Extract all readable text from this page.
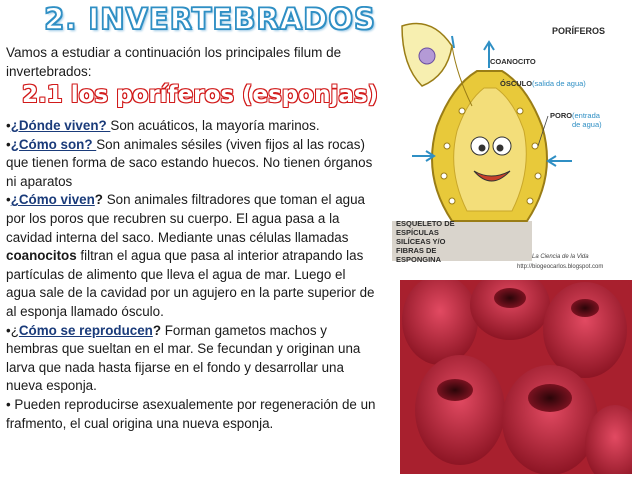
2. INVERTEBRADOS
Vamos a estudiar a continuación los principales filum de invertebrados:
2.1 los poríferos (esponjas)

•¿Dónde viven? Son acuáticos, la mayoría marinos.

•¿Cómo son? Son animales sésiles (viven fijos al las rocas) que tienen forma de saco estando huecos. No tienen órganos ni aparatos

•¿Cómo viven? Son animales filtradores que toman el agua por los poros que recubren su cuerpo. El agua pasa a la cavidad interna del saco. Mediante unas células llamadas coanocitos filtran el agua que pasa al interior atrapando las partículas de alimento que lleva el agua de mar. Luego el agua sale de la cavidad por un agujero en la parte superior de al esponja llamado ósculo.

•¿Cómo se reproducen? Forman gametos machos y hembras que sueltan en el mar. Se fecundan y originan una larva que nada hasta fijarse en el fondo y desarrollar una nueva esponja.

• Pueden reproducirse asexualemente por regeneración de un frafmento, el cual origina una nueva esponja.

PORÍFEROS
COANOCITO
ÓSCULO (salida de agua)
PORO (entrada
de agua)
ESQUELETO DE
ESPÍCULAS
SILÍCEAS Y/O
FIBRAS DE
ESPONGINA	La Ciencia de la Vida
http://biogeocarlos.blogspot.com
